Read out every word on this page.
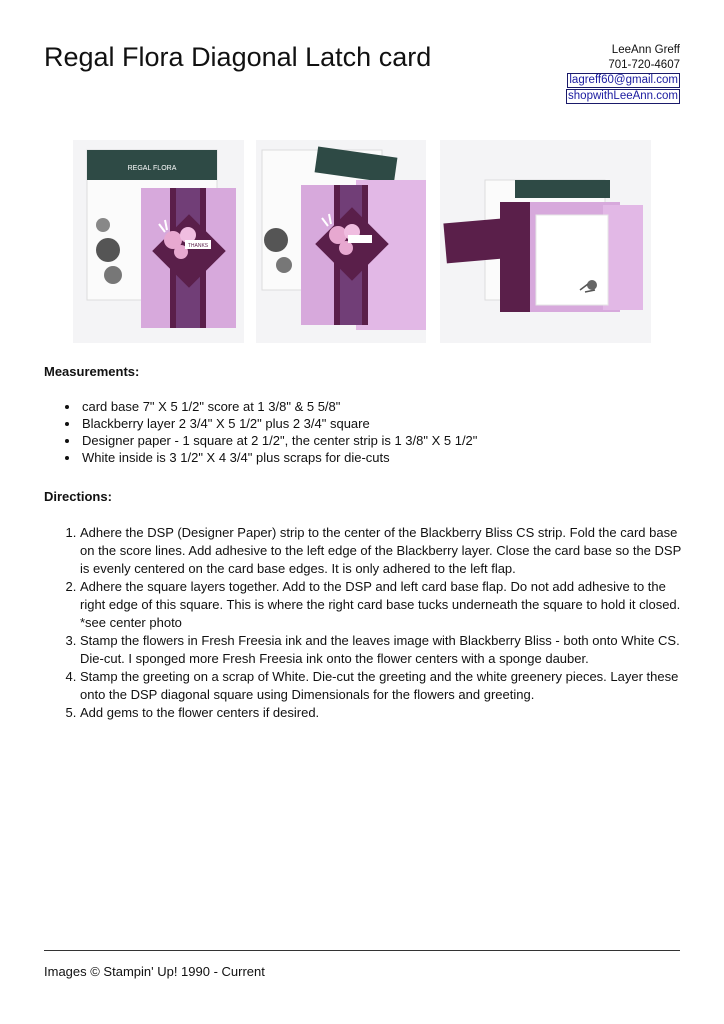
Regal Flora Diagonal Latch card	LeeAnn Greff
701-720-4607
lagreff60@gmail.com
shopwithLeeAnn.com
REGAL FLORA
THANKS
Measurements:
• card base 7" X 5 1/2" score at 1 3/8" & 5 5/8"
• Blackberry layer 2 3/4" X 5 1/2" plus 2 3/4" square
• Designer paper - 1 square at 2 1/2", the center strip is 1 3/8" X 5 1/2"
• White inside is 3 1/2" X 4 3/4" plus scraps for die-cuts
Directions:
1. Adhere the DSP (Designer Paper) strip to the center of the Blackberry Bliss CS strip. Fold the card base on the score lines. Add adhesive to the left edge of the Blackberry layer. Close the card base so the DSP is evenly centered on the card base edges. It is only adhered to the left flap.
2. Adhere the square layers together. Add to the DSP and left card base flap. Do not add adhesive to the right edge of this square. This is where the right card base tucks underneath the square to hold it closed. *see center photo
3. Stamp the flowers in Fresh Freesia ink and the leaves image with Blackberry Bliss - both onto White CS. Die-cut. I sponged more Fresh Freesia ink onto the flower centers with a sponge dauber.
4. Stamp the greeting on a scrap of White. Die-cut the greeting and the white greenery pieces. Layer these onto the DSP diagonal square using Dimensionals for the flowers and greeting.
5. Add gems to the flower centers if desired.
Images © Stampin' Up! 1990 - Current
